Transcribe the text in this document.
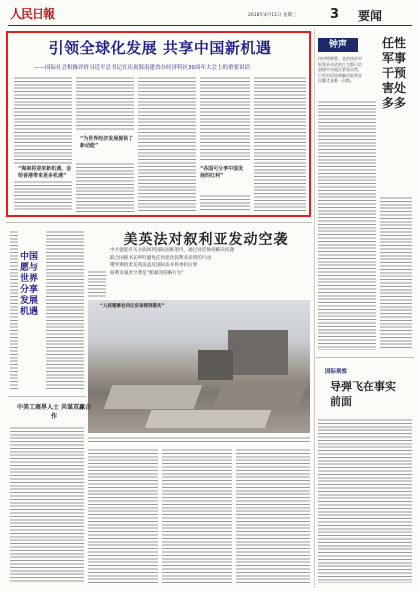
人民日報	2018年4月11日 星期三	3 要闻
引领全球化发展 共享中国新机遇
——国际社会积极评价习近平总书记在庆祝海南建省办经济特区30周年大会上的重要讲话
“海南将迎来新机遇，会给香港带来更多机遇”
“为世界经济发展提供了新动能”
“各国可分享中国发展的红利”
钟声
任何特朗普、北约伙伴对叙利亚动武的行为都只会加剧中东地区紧张局势，只有对话协商解决叙利亚问题才是唯一出路。
任性军事干预害处多多
美英法对叙利亚发动空袭
中方敦促有关方面回到国际法框架内，通过对话协商解决问题
联合国秘书长呼吁避免任何恶化叙利亚局势的行动
俄罗斯指责美英法违反国际法并将承担后果
叙利亚谴责空袭是“粗暴的侵略行为”
“人权理事会决议应该得到落实”
中国愿与世界分享发展机遇
中美工商界人士 共谋双赢合作
国际观察
导弹飞在事实前面
